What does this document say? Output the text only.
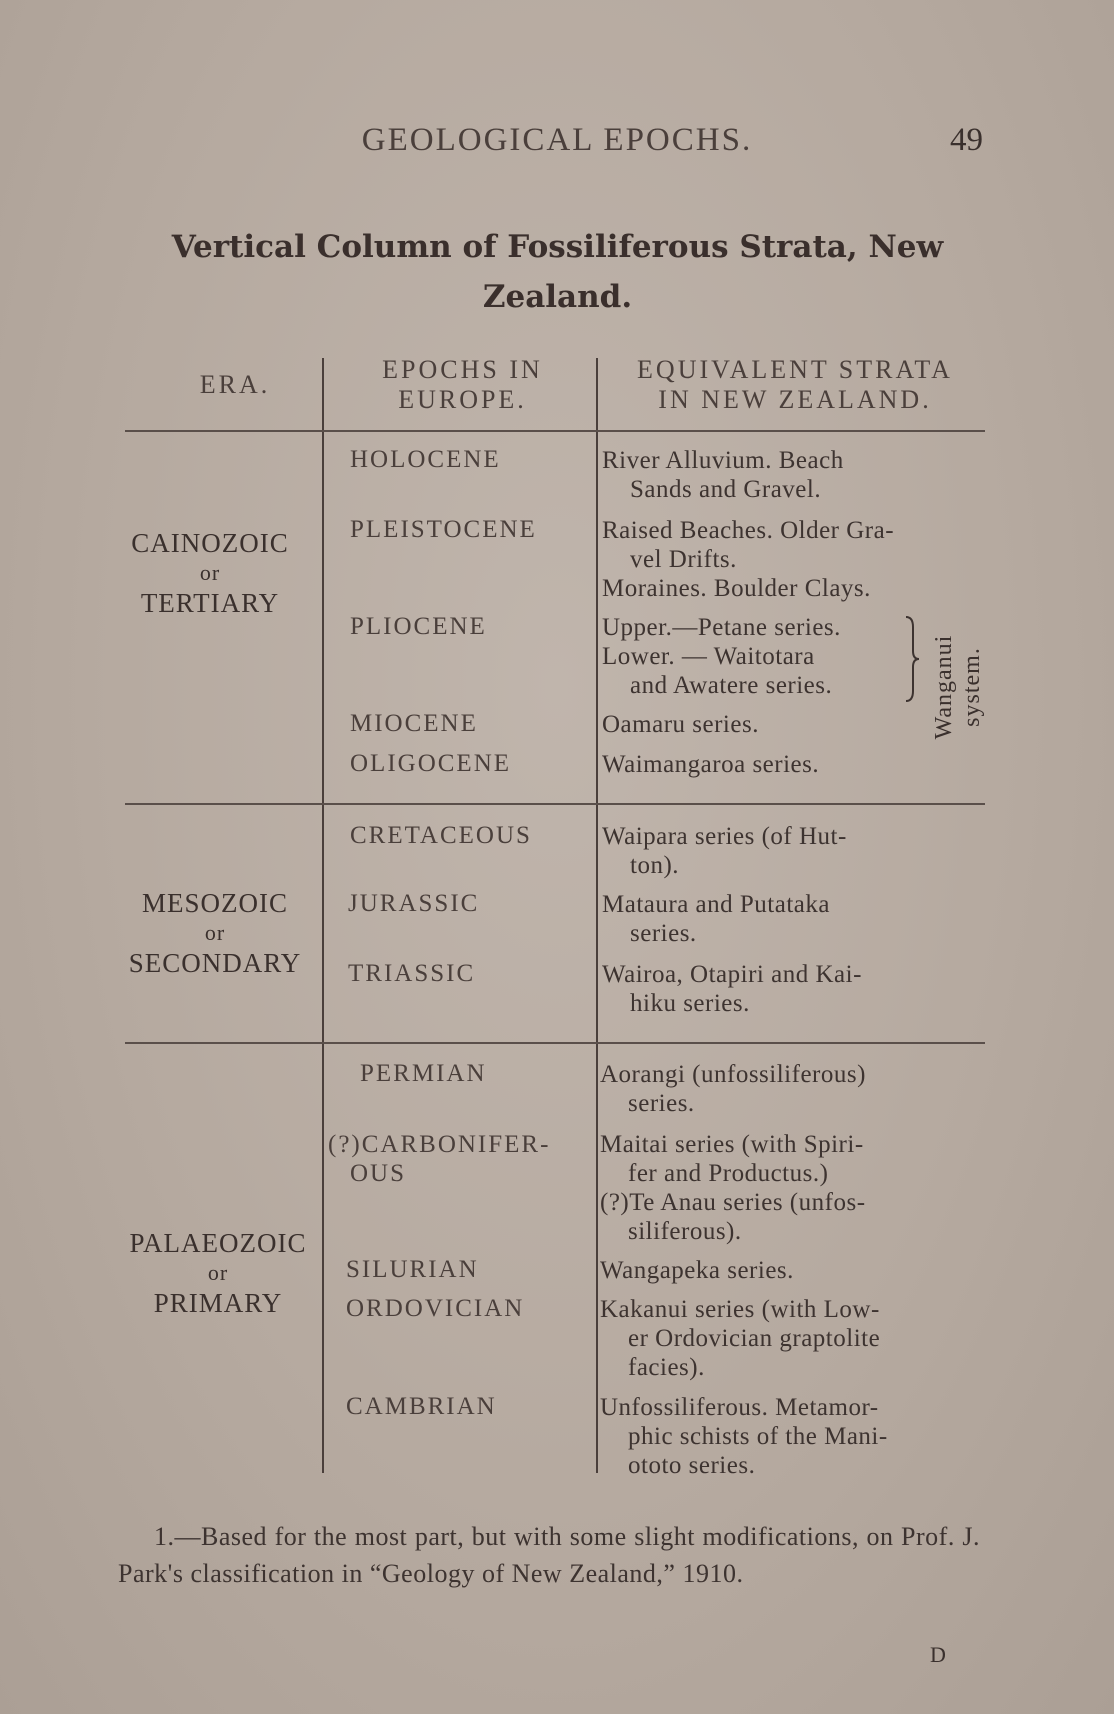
GEOLOGICAL EPOCHS.	49
Vertical Column of Fossiliferous Strata, New Zealand.
ERA.
EPOCHS IN
EUROPE.
EQUIVALENT STRATA
IN NEW ZEALAND.
CAINOZOIC
or
TERTIARY
MESOZOIC
or
SECONDARY
PALAEOZOIC
or
PRIMARY
HOLOCENE
PLEISTOCENE
PLIOCENE
MIOCENE
OLIGOCENE
CRETACEOUS
JURASSIC
TRIASSIC
PERMIAN
(?)CARBONIFER-
OUS
SILURIAN
ORDOVICIAN
CAMBRIAN
River Alluvium. Beach
Sands and Gravel.
Raised Beaches. Older Gra-
vel Drifts.
Moraines. Boulder Clays.
Upper.—Petane series.
Lower. — Waitotara
and Awatere series.	Wanganui system.
Oamaru series.
Waimangaroa series.
Waipara series (of Hut-
ton).
Mataura and Putataka
series.
Wairoa, Otapiri and Kai-
hiku series.
Aorangi (unfossiliferous)
series.
Maitai series (with Spiri-
fer and Productus.)
(?)Te Anau series (unfos-
siliferous).
Wangapeka series.
Kakanui series (with Low-
er Ordovician graptolite
facies).
Unfossiliferous. Metamor-
phic schists of the Mani-
ototo series.
1.—Based for the most part, but with some slight modifications, on Prof. J. Park's classification in “Geology of New Zealand,” 1910.
D
